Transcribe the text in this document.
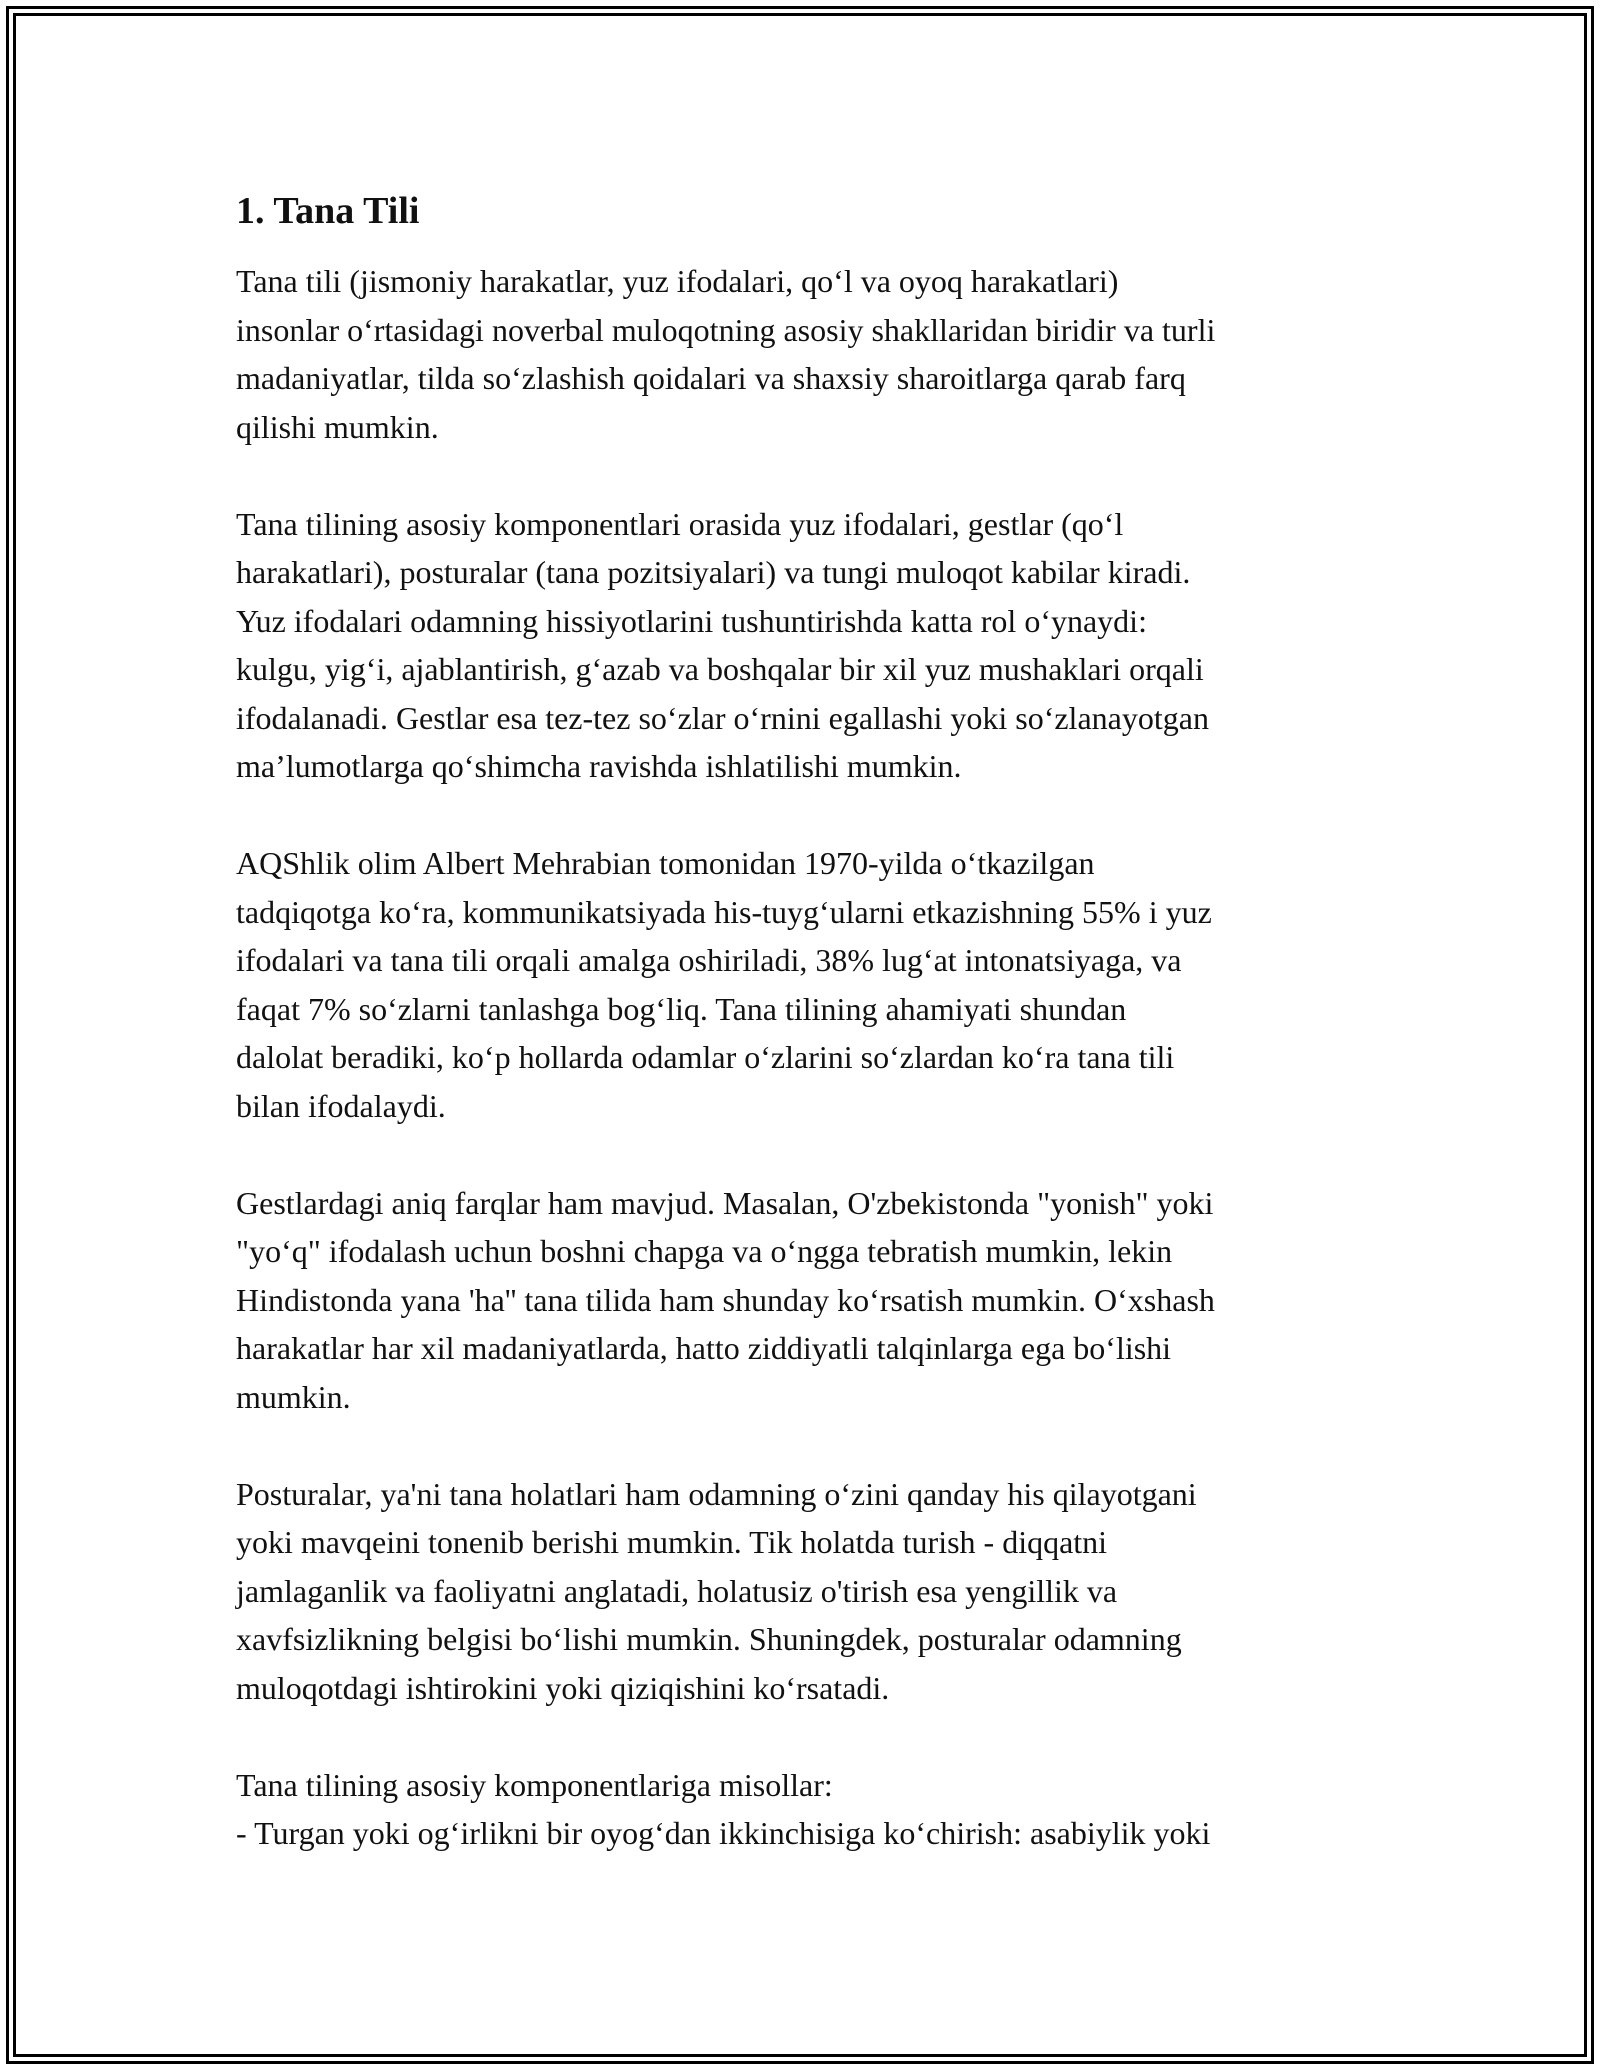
1. Tana Tili

Tana tili (jismoniy harakatlar, yuz ifodalari, qo‘l va oyoq harakatlari)
insonlar o‘rtasidagi noverbal muloqotning asosiy shakllaridan biridir va turli
madaniyatlar, tilda so‘zlashish qoidalari va shaxsiy sharoitlarga qarab farq
qilishi mumkin.

Tana tilining asosiy komponentlari orasida yuz ifodalari, gestlar (qo‘l
harakatlari), posturalar (tana pozitsiyalari) va tungi muloqot kabilar kiradi.
Yuz ifodalari odamning hissiyotlarini tushuntirishda katta rol o‘ynaydi:
kulgu, yig‘i, ajablantirish, g‘azab va boshqalar bir xil yuz mushaklari orqali
ifodalanadi. Gestlar esa tez-tez so‘zlar o‘rnini egallashi yoki so‘zlanayotgan
ma’lumotlarga qo‘shimcha ravishda ishlatilishi mumkin.

AQShlik olim Albert Mehrabian tomonidan 1970-yilda o‘tkazilgan
tadqiqotga ko‘ra, kommunikatsiyada his-tuyg‘ularni etkazishning 55% i yuz
ifodalari va tana tili orqali amalga oshiriladi, 38% lug‘at intonatsiyaga, va
faqat 7% so‘zlarni tanlashga bog‘liq. Tana tilining ahamiyati shundan
dalolat beradiki, ko‘p hollarda odamlar o‘zlarini so‘zlardan ko‘ra tana tili
bilan ifodalaydi.

Gestlardagi aniq farqlar ham mavjud. Masalan, O'zbekistonda "yonish" yoki
"yo‘q" ifodalash uchun boshni chapga va o‘ngga tebratish mumkin, lekin
Hindistonda yana 'ha'' tana tilida ham shunday ko‘rsatish mumkin. O‘xshash
harakatlar har xil madaniyatlarda, hatto ziddiyatli talqinlarga ega bo‘lishi
mumkin.

Posturalar, ya'ni tana holatlari ham odamning o‘zini qanday his qilayotgani
yoki mavqeini tonenib berishi mumkin. Tik holatda turish - diqqatni
jamlaganlik va faoliyatni anglatadi, holatusiz o'tirish esa yengillik va
xavfsizlikning belgisi bo‘lishi mumkin. Shuningdek, posturalar odamning
muloqotdagi ishtirokini yoki qiziqishini ko‘rsatadi.

Tana tilining asosiy komponentlariga misollar:
- Turgan yoki og‘irlikni bir oyog‘dan ikkinchisiga ko‘chirish: asabiylik yoki
